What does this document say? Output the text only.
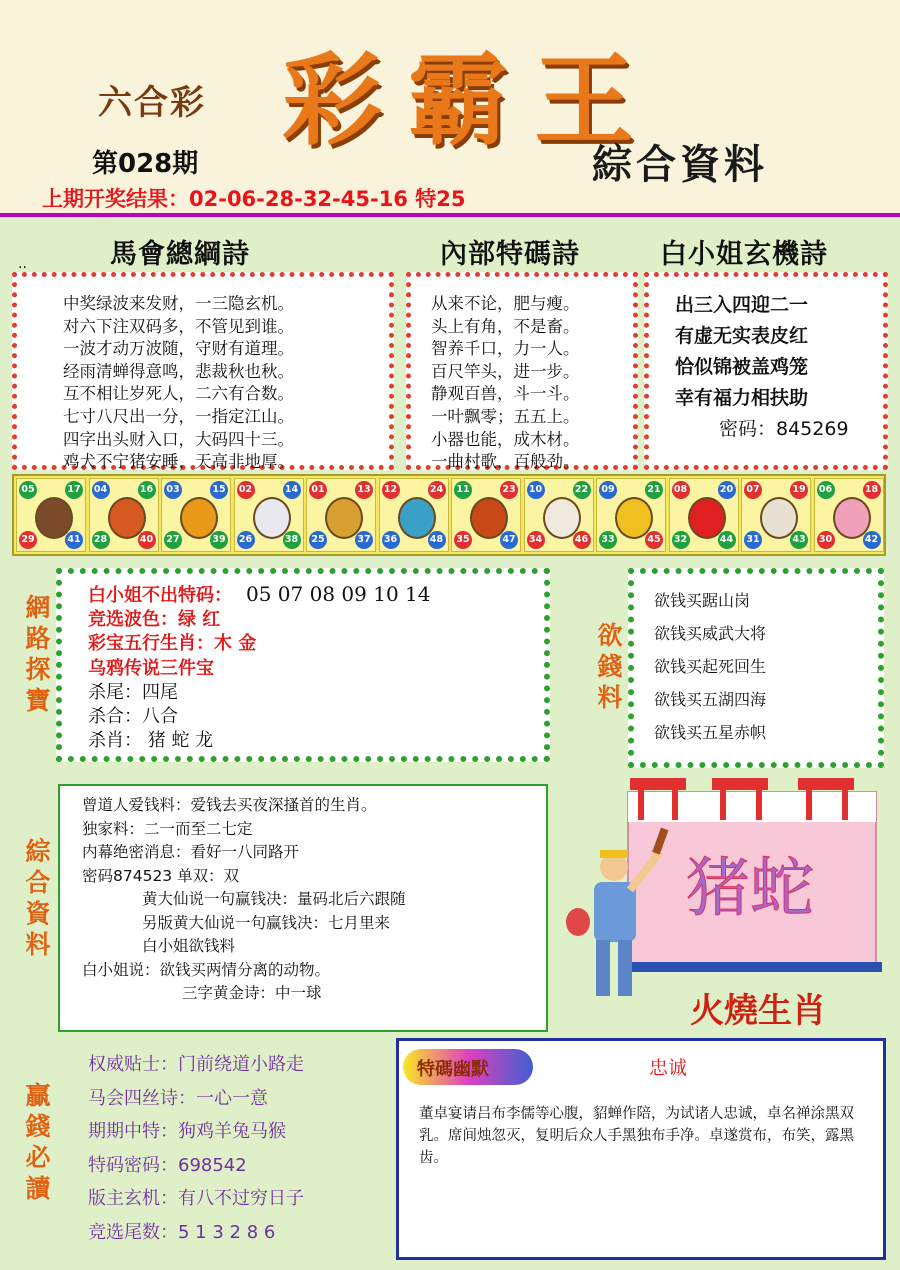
六合彩 彩霸王
綜合資料
第028期
上期开奖结果：02-06-28-32-45-16 特25
馬會總綱詩	內部特碼詩	白小姐玄機詩
..
中奖绿波来发财，一三隐玄机。
对六下注双码多，不管见到谁。
一波才动万波随，守财有道理。
经雨清蝉得意鸣，悲裁秋也秋。
互不相让岁死人，二六有合数。
七寸八尺出一分，一指定江山。
四字出头财入口，大码四十三。
鸡犬不宁猪安睡，天高非地厚。
从来不论，肥与瘦。
头上有角，不是畜。
智养千口，力一人。
百尺竿头，进一步。
静观百兽，斗一斗。
一叶飘零；五五上。
小器也能，成木材。
一曲村歌，百般劲。
出三入四迎二一
有虚无实表皮红
恰似锦被盖鸡笼
幸有福力相扶助
密码：845269
05	17
29	41
04	16
28	40
03	15
27	39
02	14
26	38
01	13
25	37
12	24
36	48
11	23
35	47
10	22
34	46
09	21
33	45
08	20
32	44
07	19
31	43
06	18
30	42
網
路
探
寶
白小姐不出特码： 05 07 08 09 10 14
竞选波色：绿 红
彩宝五行生肖：木 金
乌鸦传说三件宝
杀尾：四尾
杀合：八合
杀肖： 猪 蛇 龙
欲
錢
料
欲钱买踞山岗
欲钱买威武大将
欲钱买起死回生
欲钱买五湖四海
欲钱买五星赤帜
綜
合
資
料
曾道人爱钱料：爱钱去买夜深搔首的生肖。
独家料：二一而至二七定
内幕绝密消息：看好一八同路开
密码874523 单双：双
黄大仙说一句赢钱决：量码北后六跟随
另版黄大仙说一句赢钱决：七月里来
白小姐欲钱料
白小姐说：欲钱买两情分离的动物。
三字黄金诗：中一球
猪蛇
火燒生肖
贏
錢
必
讀
权威贴士：门前绕道小路走
马会四丝诗：一心一意
期期中特：狗鸡羊兔马猴
特码密码：698542
版主玄机：有八不过穷日子
竞选尾数：5 1 3 2 8 6
特碼幽默	忠诚
董卓宴请吕布李儒等心腹，貂蝉作陪，为试诸人忠诚，卓名禅涂黑双乳。席间烛忽灭，复明后众人手黑独布手净。卓遂赏布，布笑，露黑齿。
